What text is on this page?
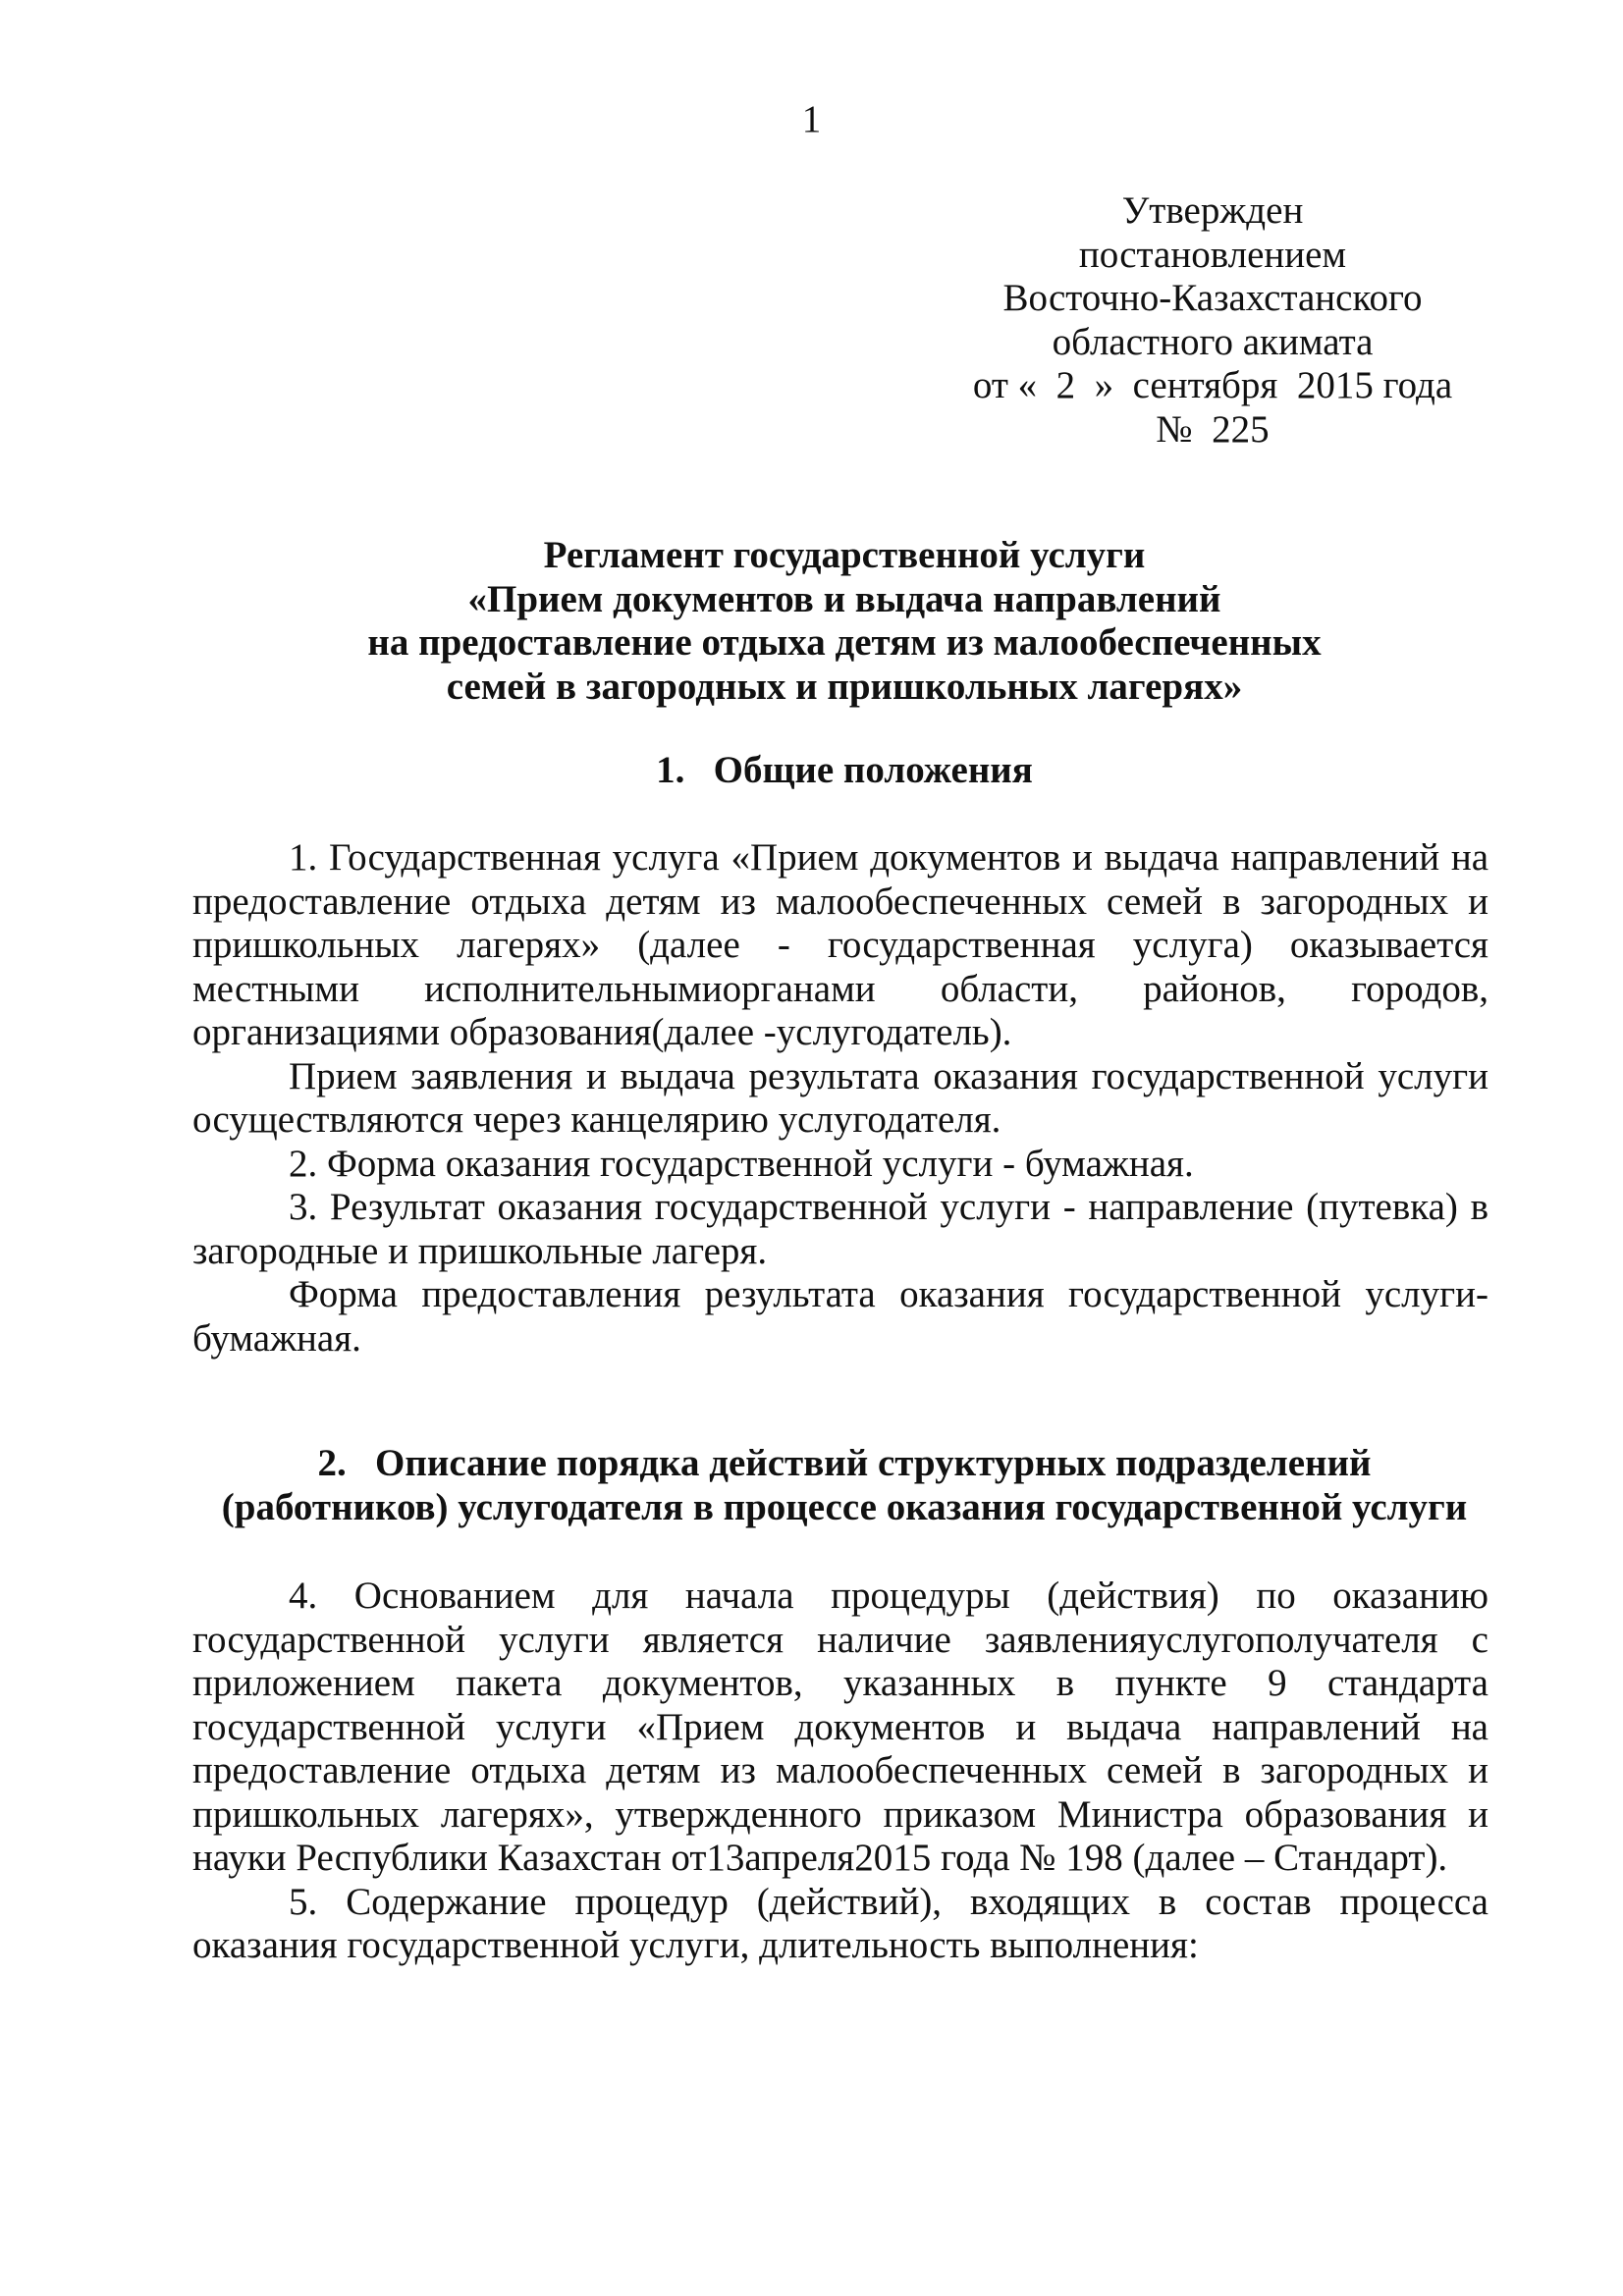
1

Утвержден
постановлением
Восточно-Казахстанского
областного акимата
от «  2  »  сентября  2015 года
№  225
Регламент государственной услуги
«Прием документов и выдача направлений
на предоставление отдыха детям из малообеспеченных
семей в загородных и пришкольных лагерях»

1.   Общие положения

1. Государственная услуга «Прием документов и выдача направлений на предоставление отдыха детям из малообеспеченных семей в загородных и пришкольных лагерях» (далее - государственная услуга) оказывается местными исполнительнымиорганами области, районов, городов, организациями образования(далее -услугодатель).

Прием заявления и выдача результата оказания государственной услуги осуществляются через канцелярию услугодателя.

2. Форма оказания государственной услуги - бумажная.

3. Результат оказания государственной услуги - направление (путевка) в загородные и пришкольные лагеря.

Форма предоставления результата оказания государственной услуги-бумажная.

2.   Описание порядка действий структурных подразделений
(работников) услугодателя в процессе оказания государственной услуги

4. Основанием для начала процедуры (действия) по оказанию государственной услуги является наличие заявленияуслугополучателя с приложением пакета документов, указанных в пункте 9 стандарта государственной услуги «Прием документов и выдача направлений на предоставление отдыха детям из малообеспеченных семей в загородных и пришкольных лагерях», утвержденного приказом Министра образования и науки Республики Казахстан от13апреля2015 года № 198 (далее – Стандарт).

5. Содержание процедур (действий), входящих в состав процесса оказания государственной услуги, длительность выполнения:
